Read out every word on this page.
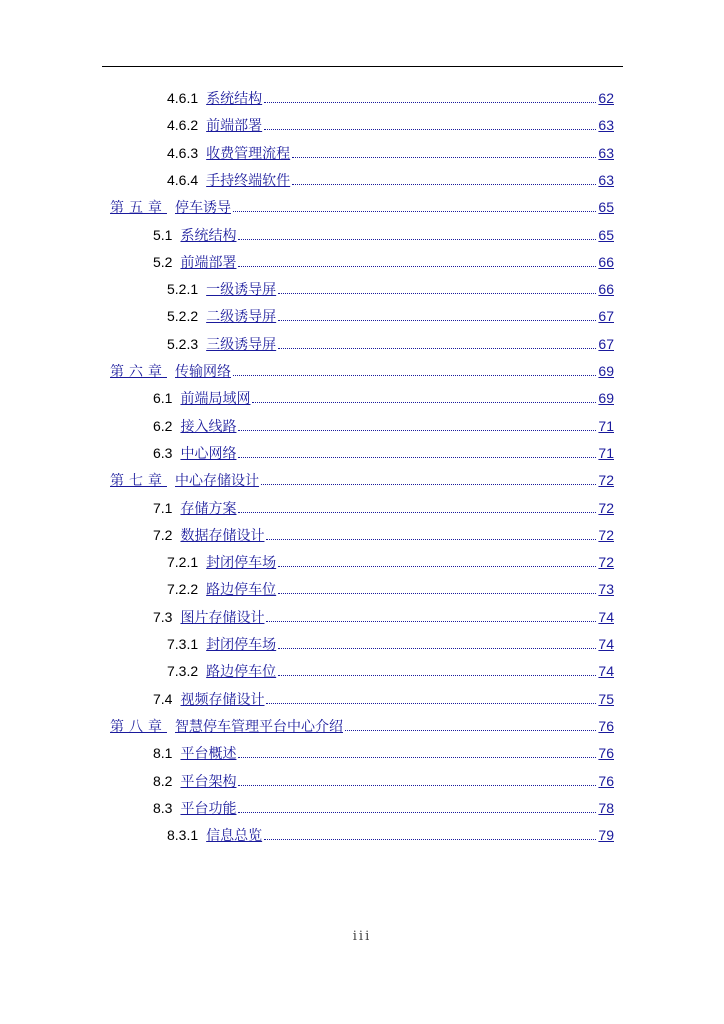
4.6.1 系统结构	62
4.6.2 前端部署	63
4.6.3 收费管理流程	63
4.6.4 手持终端软件	63
第五章 停车诱导	65
5.1 系统结构	65
5.2 前端部署	66
5.2.1 一级诱导屏	66
5.2.2 二级诱导屏	67
5.2.3 三级诱导屏	67
第六章 传输网络	69
6.1 前端局域网	69
6.2 接入线路	71
6.3 中心网络	71
第七章 中心存储设计	72
7.1 存储方案	72
7.2 数据存储设计	72
7.2.1 封闭停车场	72
7.2.2 路边停车位	73
7.3 图片存储设计	74
7.3.1 封闭停车场	74
7.3.2 路边停车位	74
7.4 视频存储设计	75
第八章 智慧停车管理平台中心介绍	76
8.1 平台概述	76
8.2 平台架构	76
8.3 平台功能	78
8.3.1 信息总览	79
iii
